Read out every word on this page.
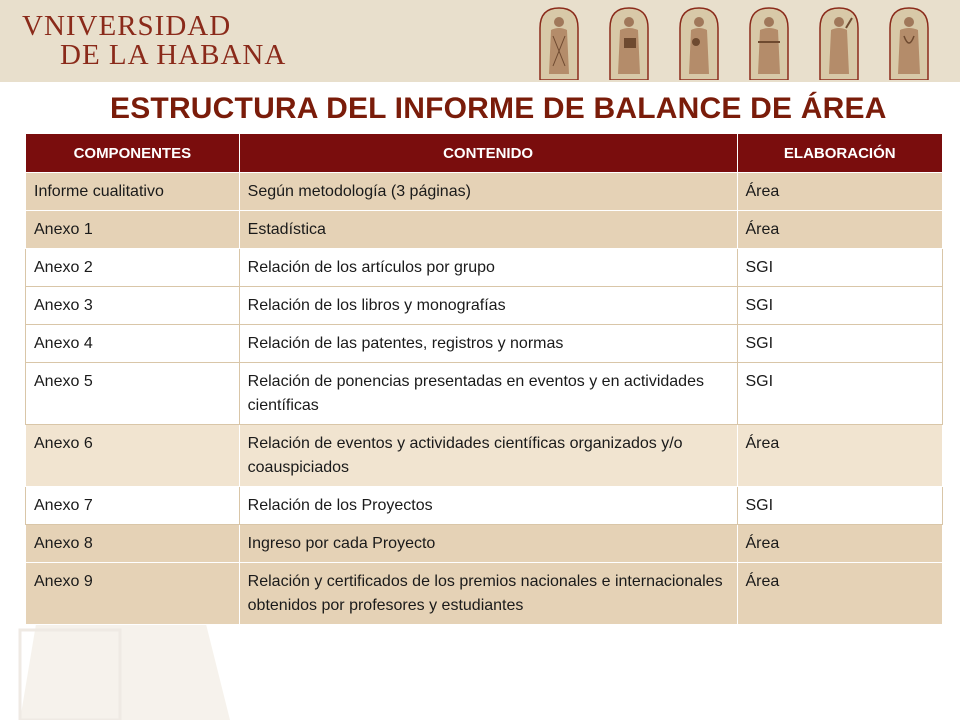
VNIVERSIDAD
DE LA HABANA
ESTRUCTURA DEL INFORME DE BALANCE DE ÁREA
COMPONENTES	CONTENIDO	ELABORACIÓN
Informe cualitativo	Según metodología (3 páginas)	Área
Anexo 1	Estadística	Área
Anexo 2	Relación de los artículos por grupo	SGI
Anexo 3	Relación de los libros y monografías	SGI
Anexo 4	Relación de las patentes, registros y normas	SGI
Anexo 5	Relación de ponencias presentadas en eventos y en actividades científicas	SGI
Anexo 6	Relación de eventos y actividades científicas organizados y/o coauspiciados	Área
Anexo 7	Relación de los Proyectos	SGI
Anexo 8	Ingreso por cada Proyecto	Área
Anexo 9	Relación y certificados de los premios nacionales e internacionales obtenidos por profesores y estudiantes	Área
